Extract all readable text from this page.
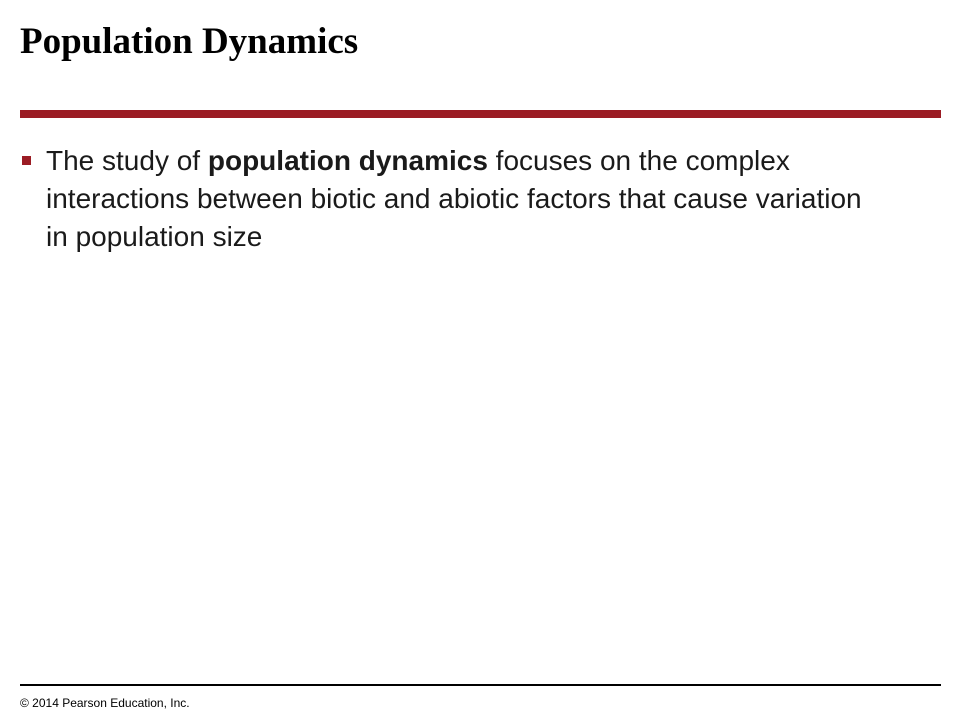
Population Dynamics
The study of population dynamics focuses on the complex interactions between biotic and abiotic factors that cause variation in population size
© 2014 Pearson Education, Inc.
